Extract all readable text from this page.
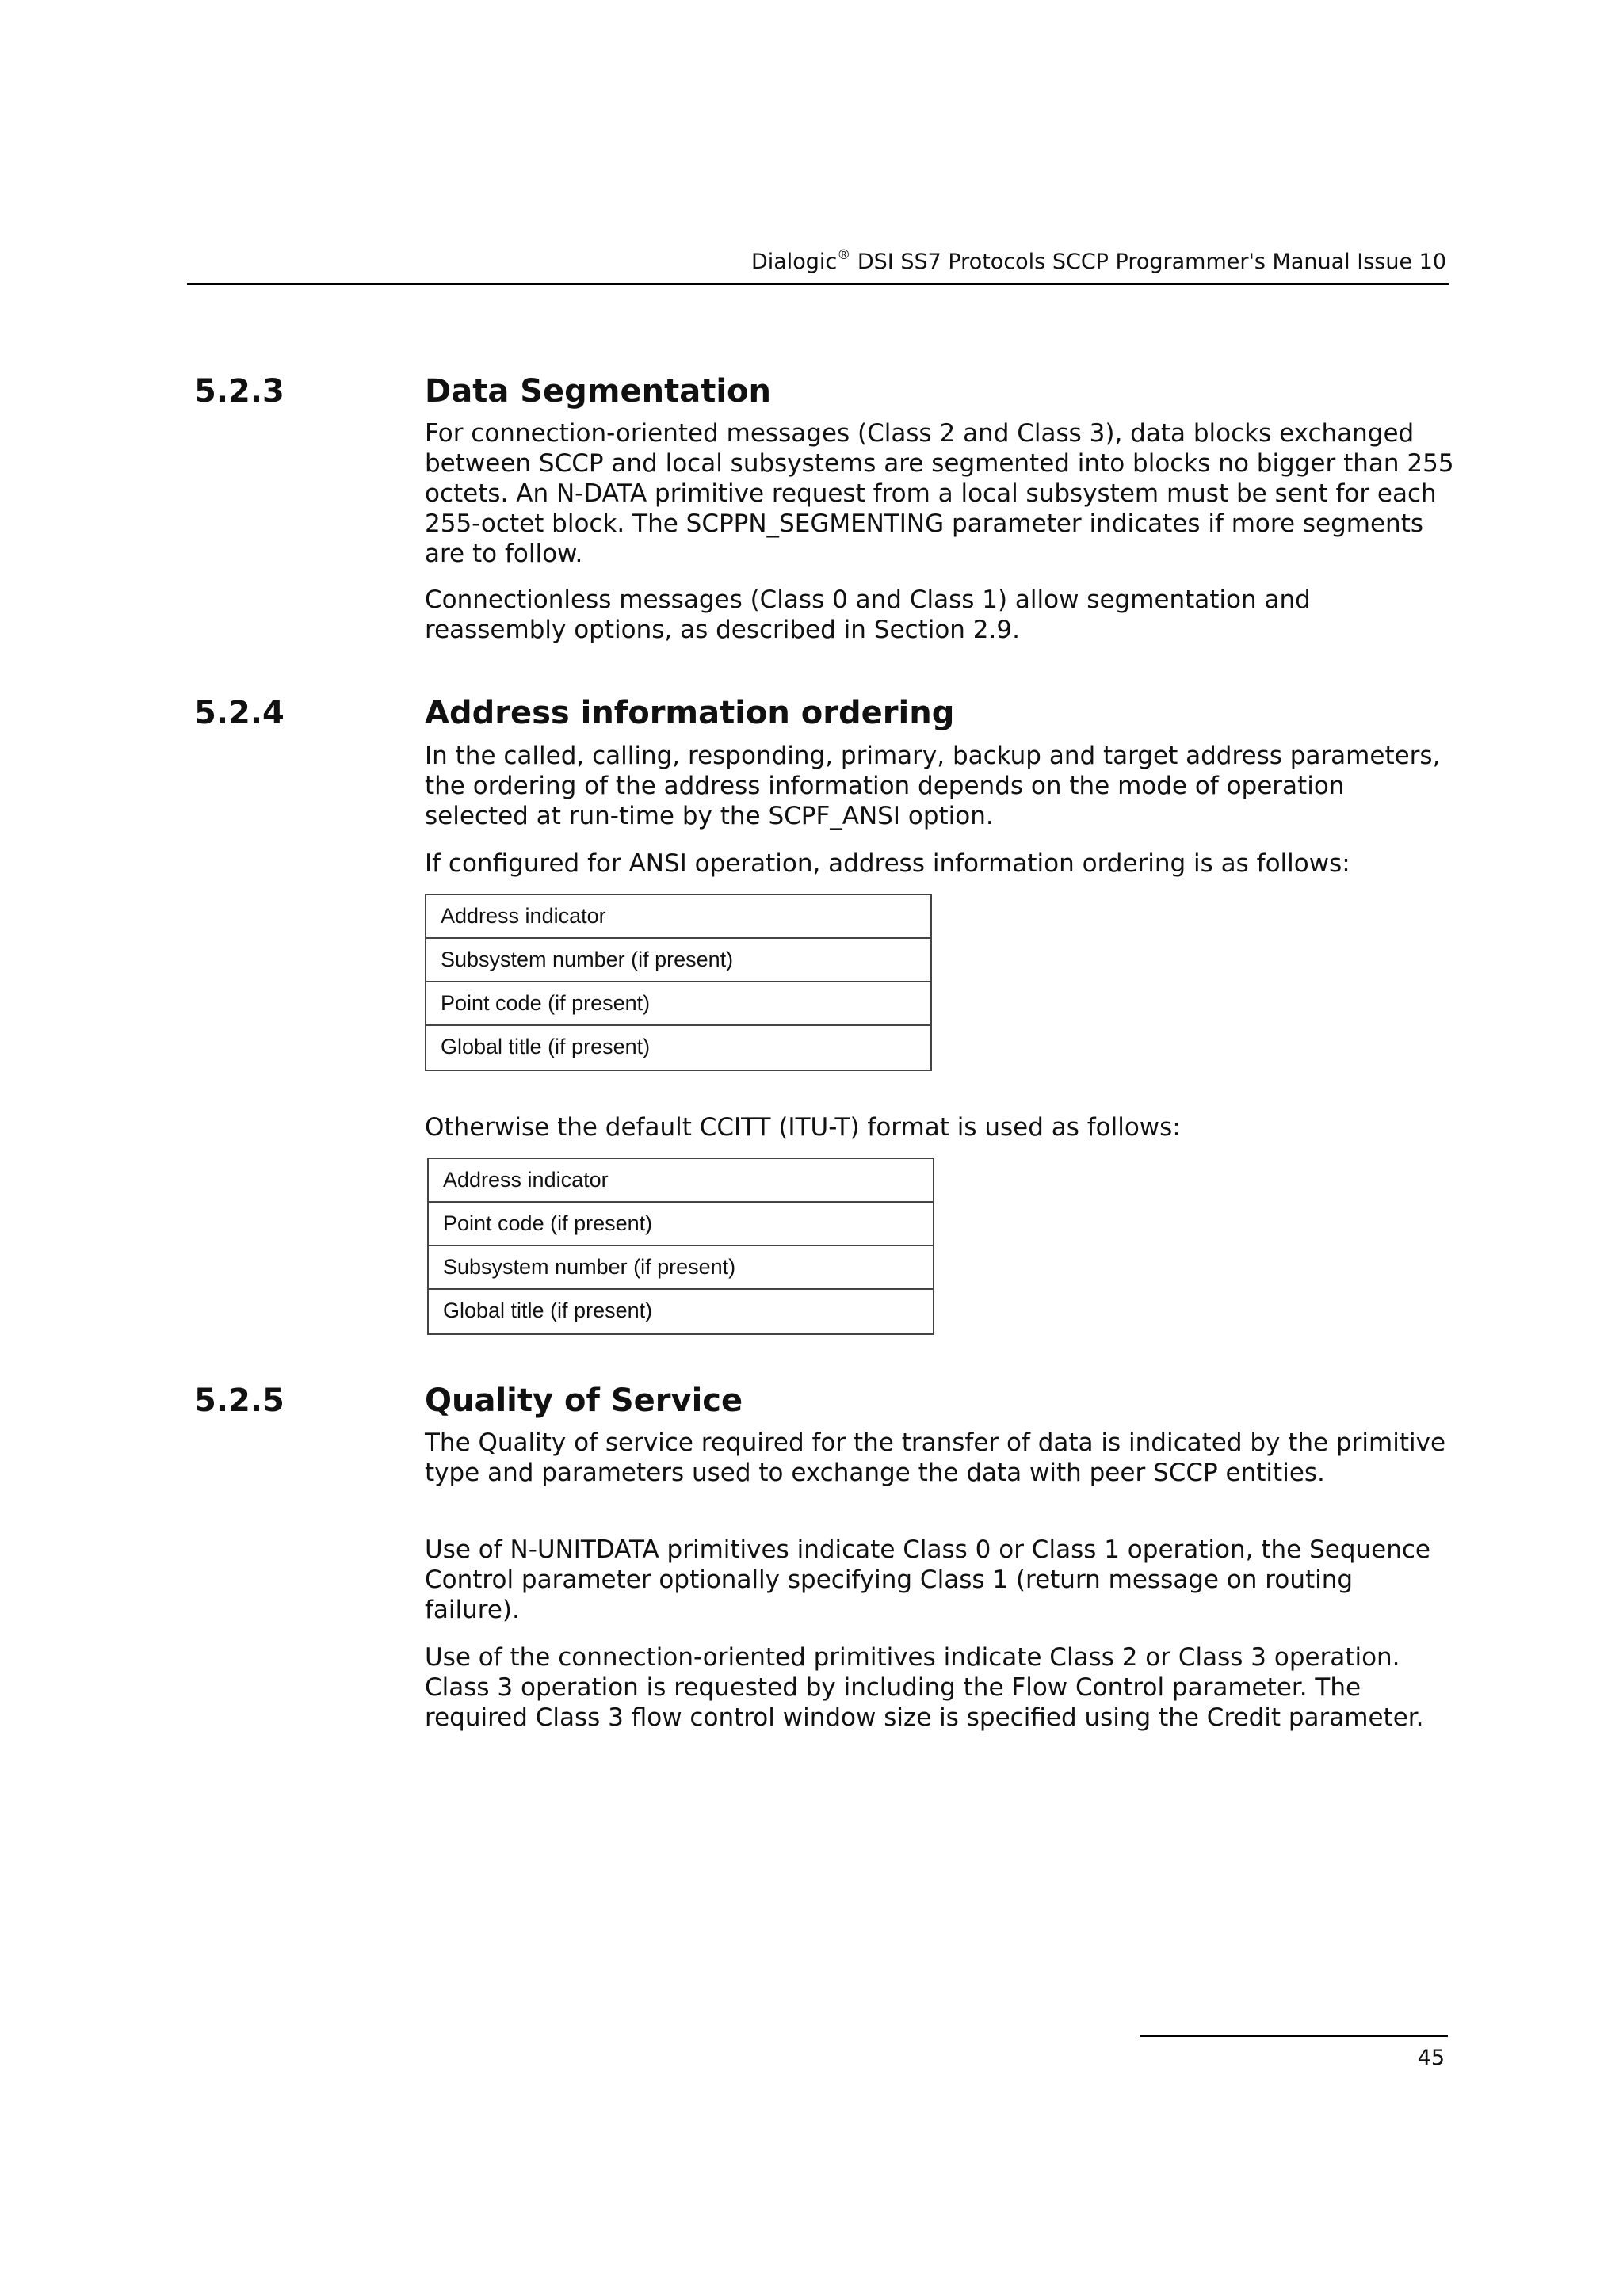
Dialogic® DSI SS7 Protocols SCCP Programmer's Manual Issue 10
5.2.3	Data Segmentation

For connection-oriented messages (Class 2 and Class 3), data blocks exchanged between SCCP and local subsystems are segmented into blocks no bigger than 255 octets. An N-DATA primitive request from a local subsystem must be sent for each 255-octet block. The SCPPN_SEGMENTING parameter indicates if more segments are to follow.

Connectionless messages (Class 0 and Class 1) allow segmentation and reassembly options, as described in Section 2.9.

5.2.4	Address information ordering

In the called, calling, responding, primary, backup and target address parameters, the ordering of the address information depends on the mode of operation selected at run-time by the SCPF_ANSI option.

If configured for ANSI operation, address information ordering is as follows:

Address indicator
Subsystem number (if present)
Point code (if present)
Global title (if present)

Otherwise the default CCITT (ITU-T) format is used as follows:

Address indicator
Point code (if present)
Subsystem number (if present)
Global title (if present)
5.2.5	Quality of Service

The Quality of service required for the transfer of data is indicated by the primitive type and parameters used to exchange the data with peer SCCP entities.

Use of N-UNITDATA primitives indicate Class 0 or Class 1 operation, the Sequence Control parameter optionally specifying Class 1 (return message on routing failure).

Use of the connection-oriented primitives indicate Class 2 or Class 3 operation. Class 3 operation is requested by including the Flow Control parameter. The required Class 3 flow control window size is specified using the Credit parameter.

45
